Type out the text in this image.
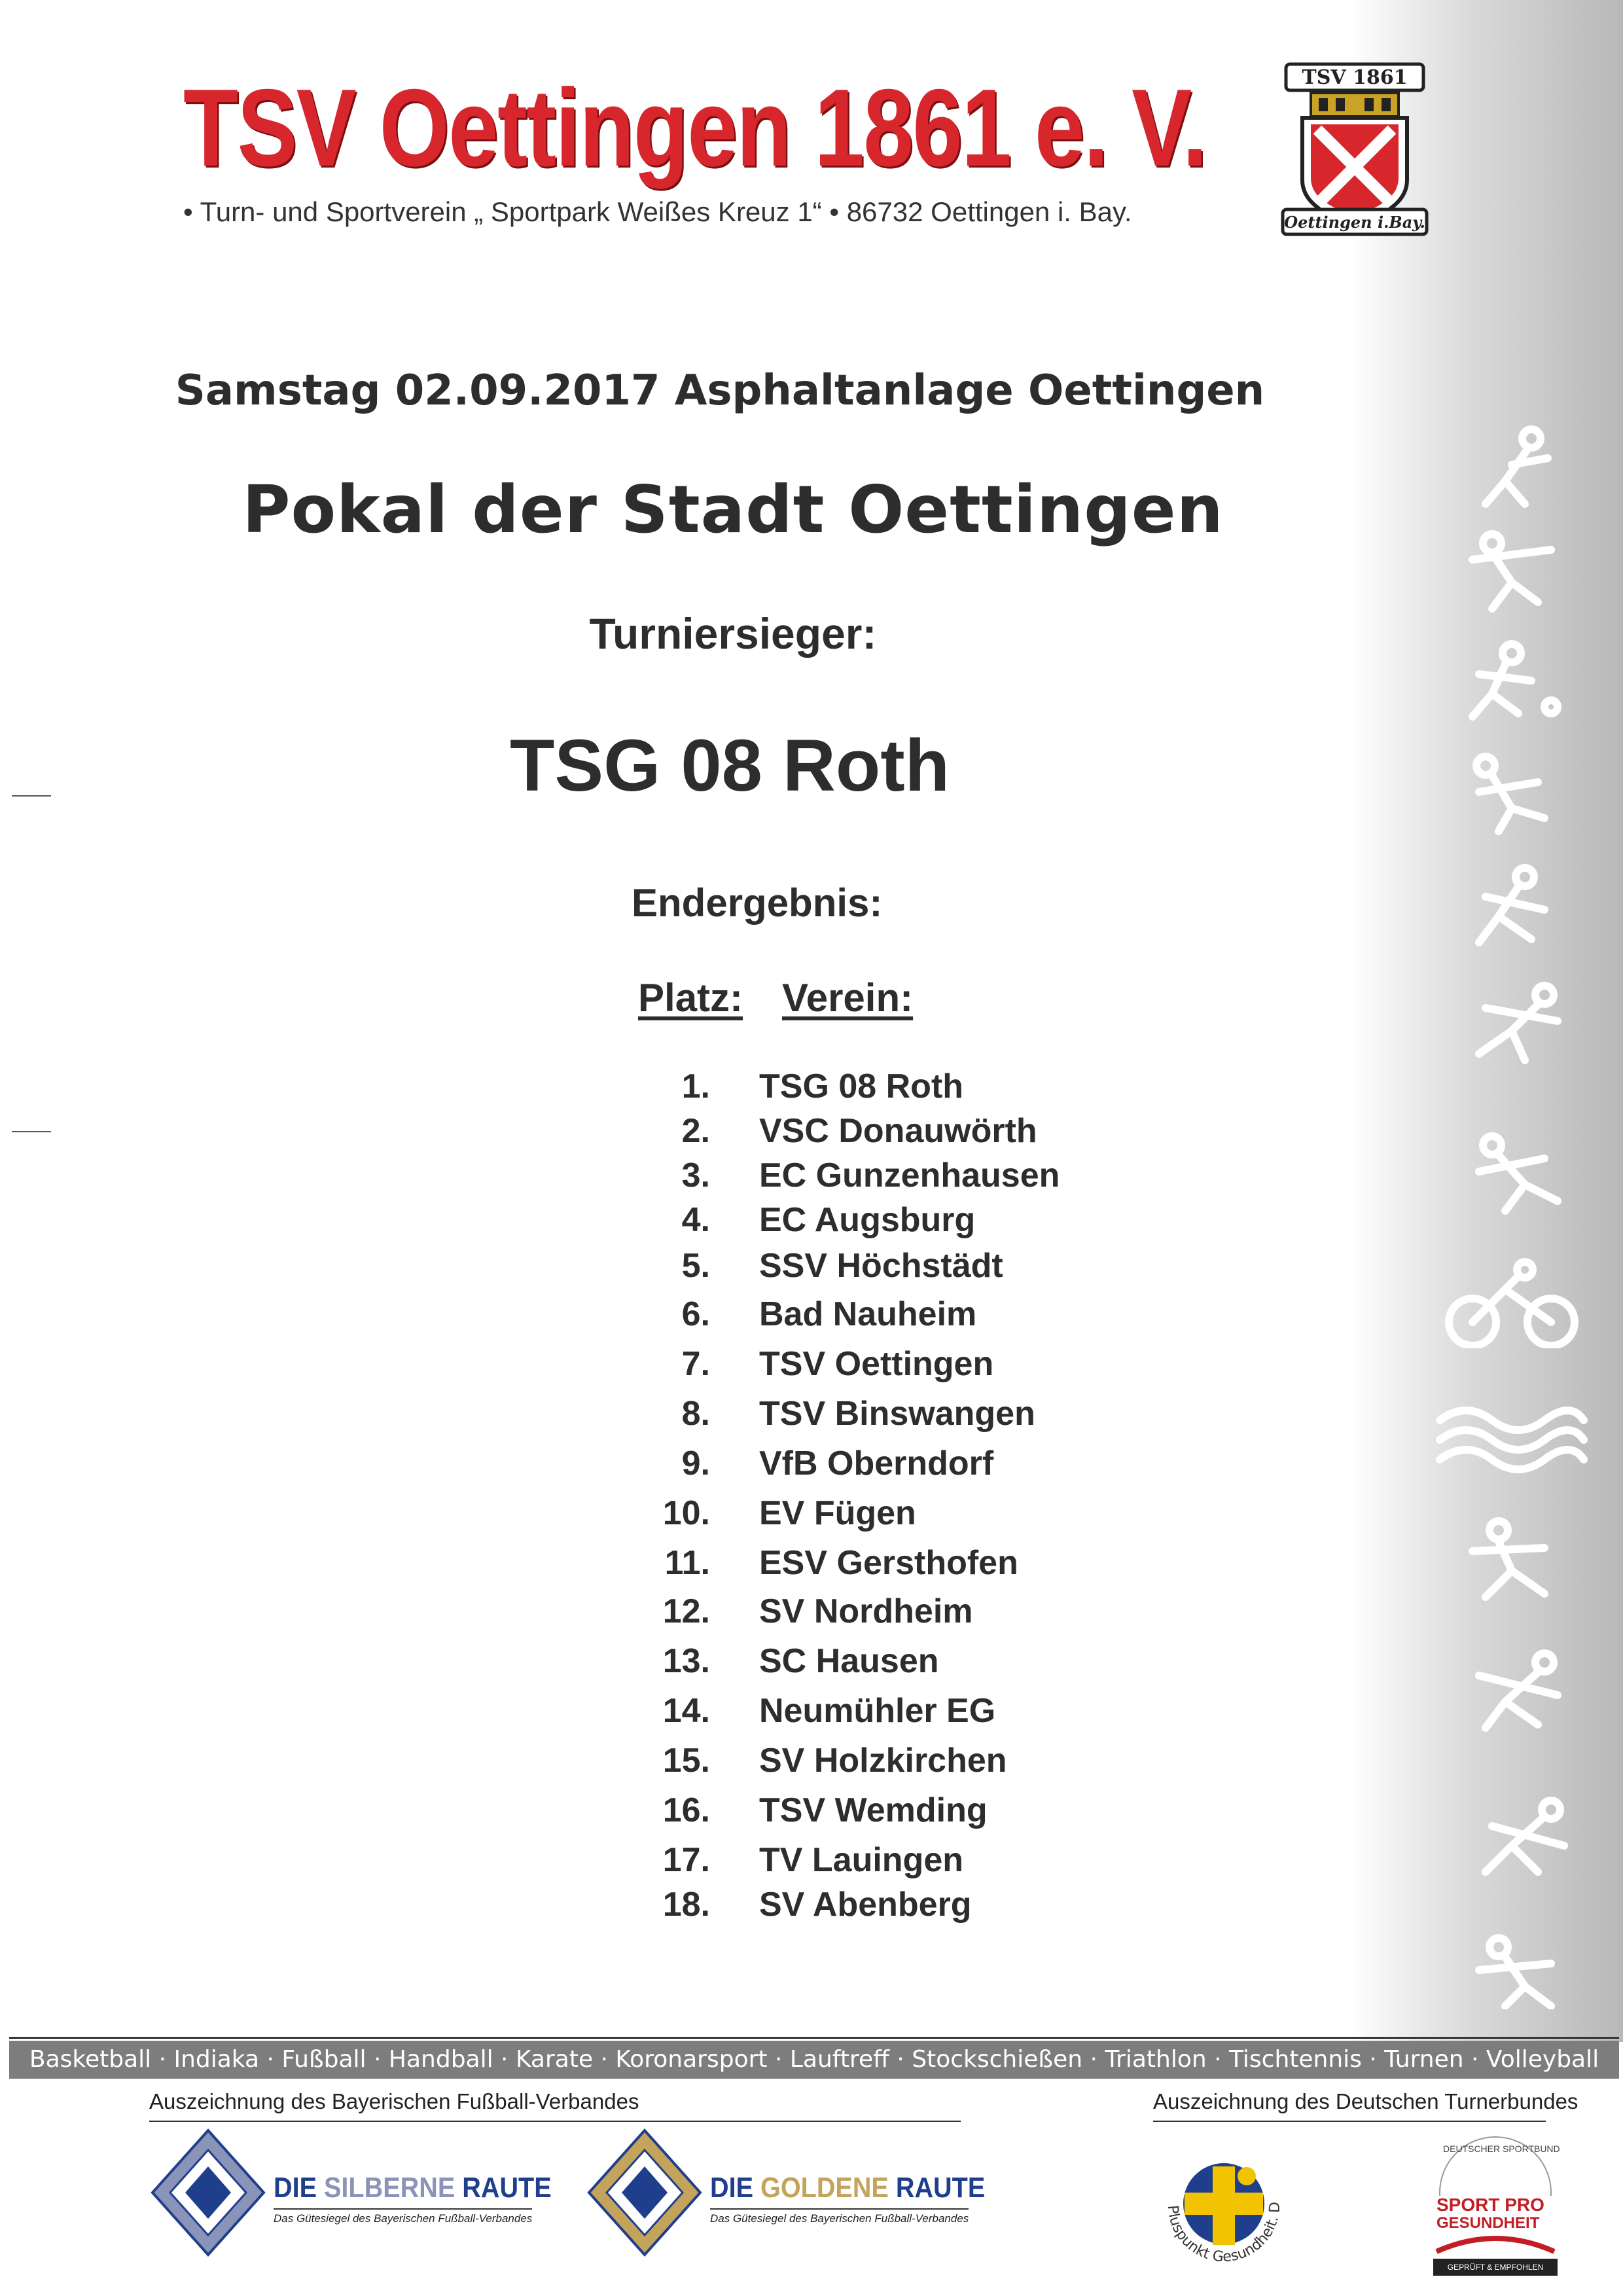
TSV Oettingen 1861 e. V.
• Turn- und Sportverein „ Sportpark Weißes Kreuz 1“ • 86732 Oettingen i. Bay.
TSV 1861
Oettingen i.Bay.
Samstag 02.09.2017 Asphaltanlage Oettingen
Pokal der Stadt Oettingen
Turniersieger:
TSG 08 Roth
Endergebnis:
Platz: Verein:
1. TSG 08 Roth
2. VSC Donauwörth
3. EC Gunzenhausen
4. EC Augsburg
5. SSV Höchstädt
6. Bad Nauheim
7. TSV Oettingen
8. TSV Binswangen
9. VfB Oberndorf
10. EV Fügen
11. ESV Gersthofen
12. SV Nordheim
13. SC Hausen
14. Neumühler EG
15. SV Holzkirchen
16. TSV Wemding
17. TV Lauingen
18. SV Abenberg
Basketball · Indiaka · Fußball · Handball · Karate · Koronarsport · Lauftreff · Stockschießen · Triathlon · Tischtennis · Turnen · Volleyball
Auszeichnung des Bayerischen Fußball-Verbandes	Auszeichnung des Deutschen Turnerbundes
DIE SILBERNE RAUTE
Das Gütesiegel des Bayerischen Fußball-Verbandes
DIE GOLDENE RAUTE
Das Gütesiegel des Bayerischen Fußball-Verbandes
Pluspunkt Gesundheit. D
DEUTSCHER SPORTBUND
SPORT PRO
GESUNDHEIT
GEPRÜFT & EMPFOHLEN
